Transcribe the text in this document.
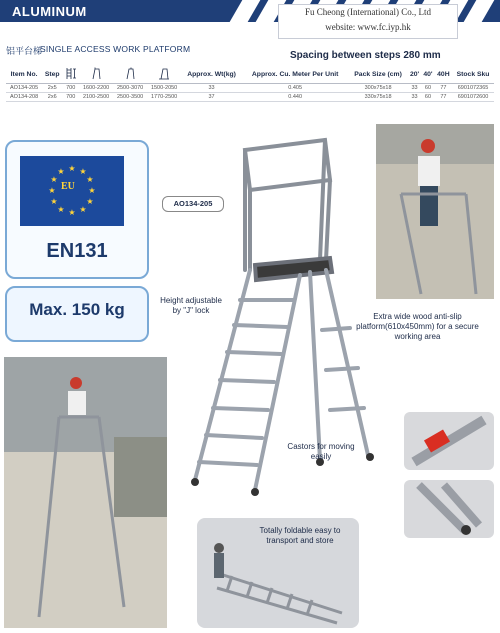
ALUMINUM	Fu Cheong (International) Co., Ltd
website: www.fc.iyp.hk
铝平台梯
SINGLE ACCESS WORK PLATFORM
Spacing between steps 280 mm
Item No.	Step					Approx. Wt(kg)	Approx. Cu. Meter Per Unit	Pack Size (cm)	20'	40'	40H	Stock Sku
AO134-205	2x5	700	1600-2200	2500-3070	1500-2050	33	0.405	300x75x18	33	60	77	6901072365
AO134-208	2x6	700	2100-2500	2500-3500	1770-2500	37	0.440	330x75x18	33	60	77	6901072600
★ ★
★
★
★
★
★
★
★
★
★
★
EU
EN131
Max. 150 kg
AO134-205
Height adjustable by "J" lock
Extra wide wood anti-slip platform(610x450mm) for a secure working area
Castors for moving easily
Totally foldable easy to transport and store
